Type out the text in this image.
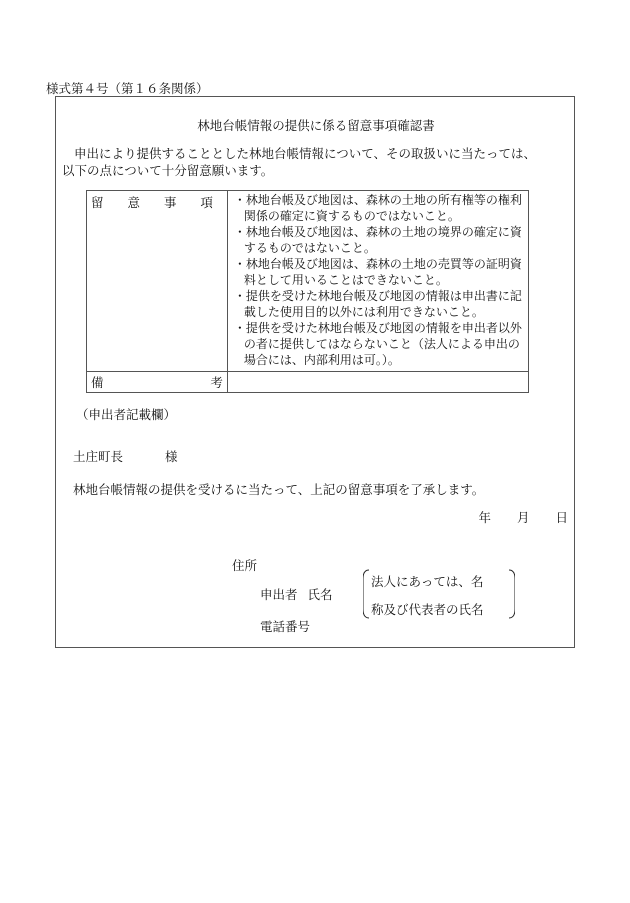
様式第４号（第１６条関係）
林地台帳情報の提供に係る留意事項確認書
申出により提供することとした林地台帳情報について、その取扱いに当たっては、
以下の点について十分留意願います。
留 意 事 項	・林地台帳及び地図は、森林の土地の所有権等の権利関係の確定に資するものではないこと。
・林地台帳及び地図は、森林の土地の境界の確定に資するものではないこと。
・林地台帳及び地図は、森林の土地の売買等の証明資料として用いることはできないこと。
・提供を受けた林地台帳及び地図の情報は申出書に記載した使用目的以外には利用できないこと。
・提供を受けた林地台帳及び地図の情報を申出者以外の者に提供してはならないこと（法人による申出の場合には、内部利用は可。）。

備 考	

（申出者記載欄）
土庄町長	様
林地台帳情報の提供を受けるに当たって、上記の留意事項を了承します。
年 月 日
住所
申出者 氏名
法人にあっては、名
称及び代表者の氏名
電話番号
